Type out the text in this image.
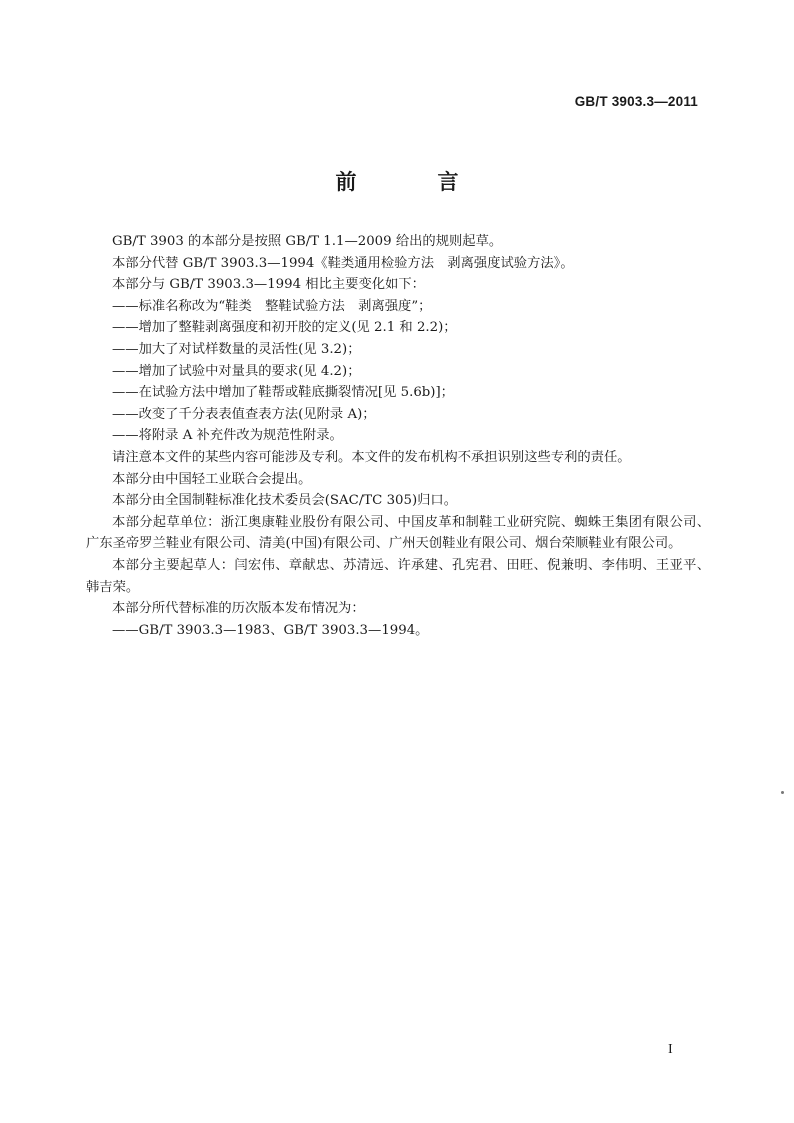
GB/T 3903.3—2011
前　言

GB/T 3903 的本部分是按照 GB/T 1.1—2009 给出的规则起草。

本部分代替 GB/T 3903.3—1994《鞋类通用检验方法　剥离强度试验方法》。

本部分与 GB/T 3903.3—1994 相比主要变化如下：

——标准名称改为“鞋类　整鞋试验方法　剥离强度”；

——增加了整鞋剥离强度和初开胶的定义(见 2.1 和 2.2)；

——加大了对试样数量的灵活性(见 3.2)；

——增加了试验中对量具的要求(见 4.2)；

——在试验方法中增加了鞋帮或鞋底撕裂情况[见 5.6b)]；

——改变了千分表表值查表方法(见附录 A)；

——将附录 A 补充件改为规范性附录。

请注意本文件的某些内容可能涉及专利。本文件的发布机构不承担识别这些专利的责任。

本部分由中国轻工业联合会提出。

本部分由全国制鞋标准化技术委员会(SAC/TC 305)归口。

本部分起草单位：浙江奥康鞋业股份有限公司、中国皮革和制鞋工业研究院、蜘蛛王集团有限公司、广东圣帝罗兰鞋业有限公司、清美(中国)有限公司、广州天创鞋业有限公司、烟台荣顺鞋业有限公司。

本部分主要起草人：闫宏伟、章献忠、苏清远、许承建、孔宪君、田旺、倪兼明、李伟明、王亚平、韩吉荣。

本部分所代替标准的历次版本发布情况为：

——GB/T 3903.3—1983、GB/T 3903.3—1994。

I
